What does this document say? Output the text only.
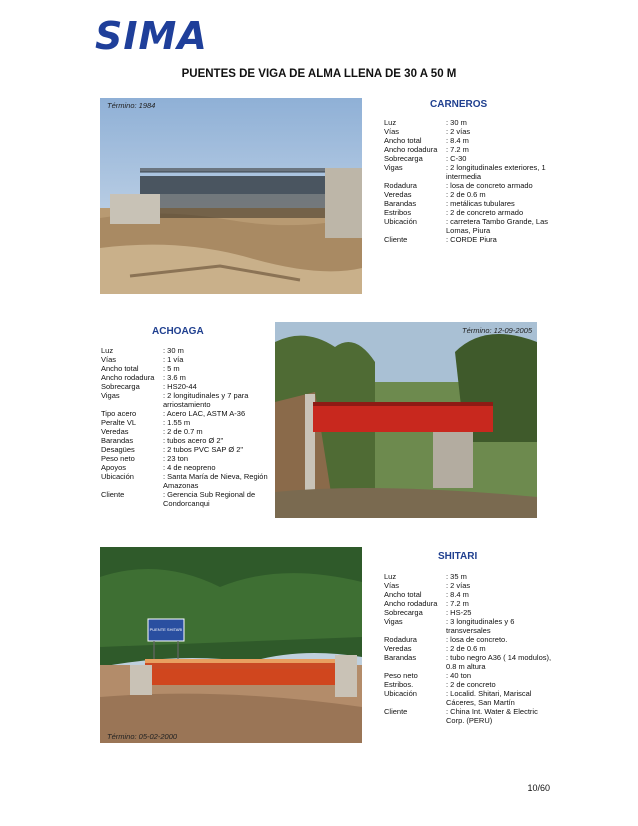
SIMA
PUENTES DE VIGA DE ALMA LLENA DE 30 A 50 M
Término: 1984	CARNEROS
Luz	: 30 m
Vías	: 2 vías
Ancho total	: 8.4 m
Ancho rodadura	: 7.2 m
Sobrecarga	: C-30
Vigas	: 2 longitudinales exteriores, 1 intermedia
Rodadura	: losa de concreto armado
Veredas	: 2 de 0.6 m
Barandas	: metálicas tubulares
Estribos	: 2 de concreto armado
Ubicación	: carretera Tambo Grande, Las Lomas, Piura
Cliente	: CORDE Piura
ACHOAGA
Luz	: 30 m
Vías	: 1 vía
Ancho total	: 5 m
Ancho rodadura	: 3.6 m
Sobrecarga	: HS20-44
Vigas	: 2 longitudinales y 7 para arriostamiento
Tipo acero	: Acero LAC, ASTM A-36
Peralte VL	: 1.55 m
Veredas	: 2 de 0.7 m
Barandas	: tubos acero Ø 2"
Desagües	: 2 tubos PVC SAP Ø 2"
Peso neto	: 23 ton
Apoyos	: 4 de neopreno
Ubicación	: Santa María de Nieva, Región Amazonas
Cliente	: Gerencia Sub Regional de Condorcanqui
Término: 12-09-2005
PUENTE SHITARI
Término: 05-02-2000
SHITARI
Luz	: 35 m
Vías	: 2 vías
Ancho total	: 8.4 m
Ancho rodadura	: 7.2 m
Sobrecarga	: HS-25
Vigas	: 3 longitudinales y 6 transversales
Rodadura	: losa de concreto.
Veredas	: 2 de 0.6 m
Barandas	: tubo negro A36 ( 14 modulos), 0.8 m altura
Peso neto	: 40 ton
Estribos.	: 2 de concreto
Ubicación	: Localid. Shitari, Mariscal Cáceres, San Martín
Cliente	: China Int. Water & Electric Corp. (PERU)
10/60
